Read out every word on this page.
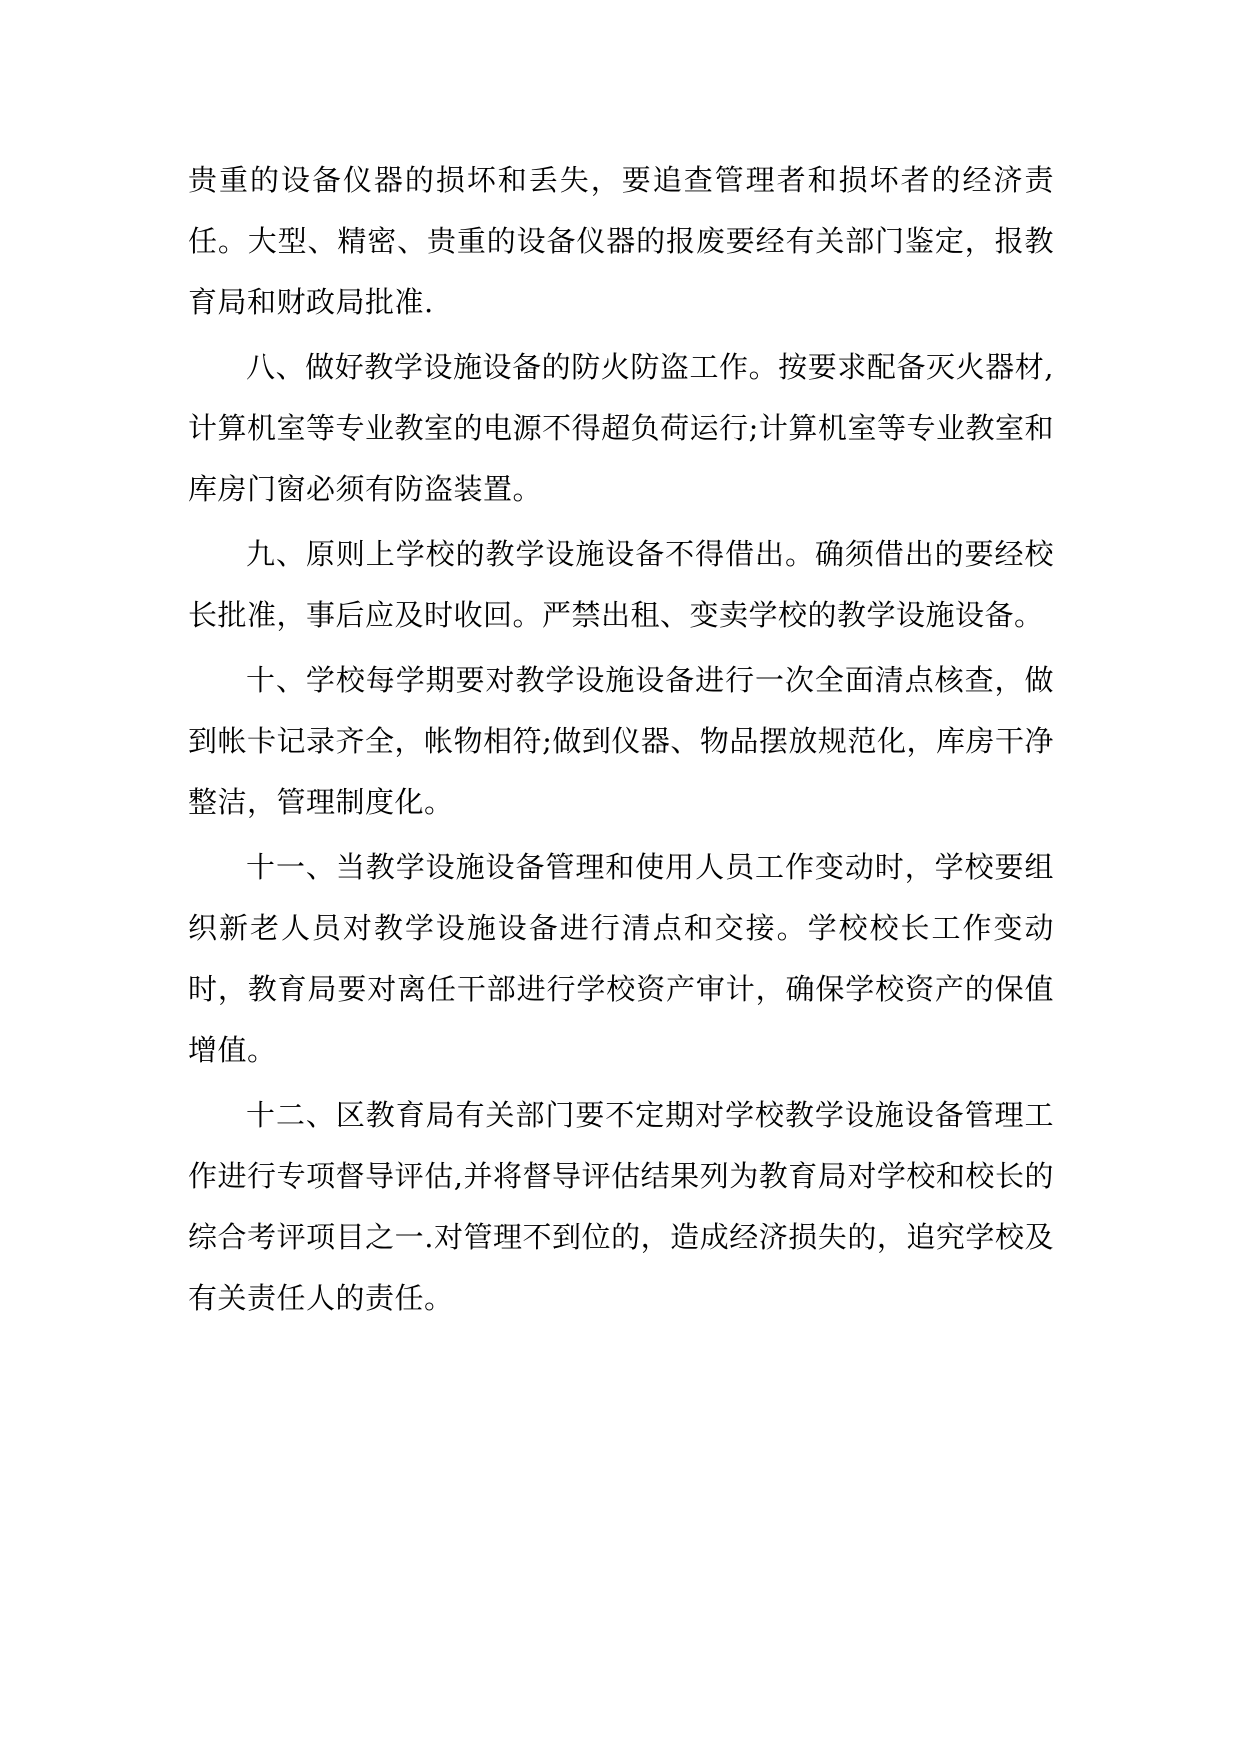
贵重的设备仪器的损坏和丢失，要追查管理者和损坏者的经济责任。大型、精密、贵重的设备仪器的报废要经有关部门鉴定，报教育局和财政局批准.

八、做好教学设施设备的防火防盗工作。按要求配备灭火器材,计算机室等专业教室的电源不得超负荷运行;计算机室等专业教室和库房门窗必须有防盗装置。

九、原则上学校的教学设施设备不得借出。确须借出的要经校长批准，事后应及时收回。严禁出租、变卖学校的教学设施设备。

十、学校每学期要对教学设施设备进行一次全面清点核查，做到帐卡记录齐全，帐物相符;做到仪器、物品摆放规范化，库房干净整洁，管理制度化。

十一、当教学设施设备管理和使用人员工作变动时，学校要组织新老人员对教学设施设备进行清点和交接。学校校长工作变动时，教育局要对离任干部进行学校资产审计，确保学校资产的保值增值。

十二、区教育局有关部门要不定期对学校教学设施设备管理工作进行专项督导评估,并将督导评估结果列为教育局对学校和校长的综合考评项目之一.对管理不到位的，造成经济损失的，追究学校及有关责任人的责任。
